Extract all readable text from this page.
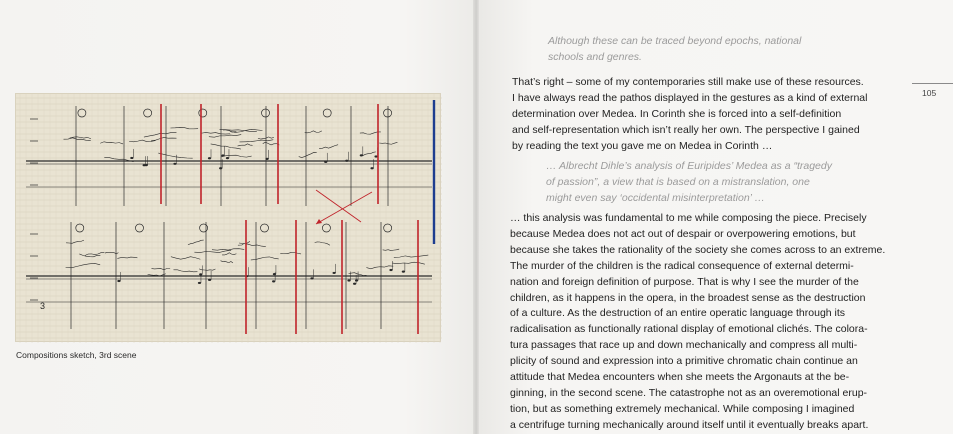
3
Compositions sketch, 3rd scene
Although these can be traced beyond epochs, national
schools and genres.
That’s right – some of my contemporaries still make use of these resources.
I have always read the pathos displayed in the gestures as a kind of external
determination over Medea. In Corinth she is forced into a self-definition
and self-representation which isn’t really her own. The perspective I gained
by reading the text you gave me on Medea in Corinth …
… Albrecht Dihle’s analysis of Euripides’ Medea as a “tragedy
of passion”, a view that is based on a mistranslation, one
might even say ‘occidental misinterpretation’ …
… this analysis was fundamental to me while composing the piece. Precisely
because Medea does not act out of despair or overpowering emotions, but
because she takes the rationality of the society she comes across to an extreme.
The murder of the children is the radical consequence of external determi-
nation and foreign definition of purpose. That is why I see the murder of the
children, as it happens in the opera, in the broadest sense as the destruction
of a culture. As the destruction of an entire operatic language through its
radicalisation as functionally rational display of emotional clichés. The colora-
tura passages that race up and down mechanically and compress all multi-
plicity of sound and expression into a primitive chromatic chain continue an
attitude that Medea encounters when she meets the Argonauts at the be-
ginning, in the second scene. The catastrophe not as an overemotional erup-
tion, but as something extremely mechanical. While composing I imagined
a centrifuge turning mechanically around itself until it eventually breaks apart.
105
